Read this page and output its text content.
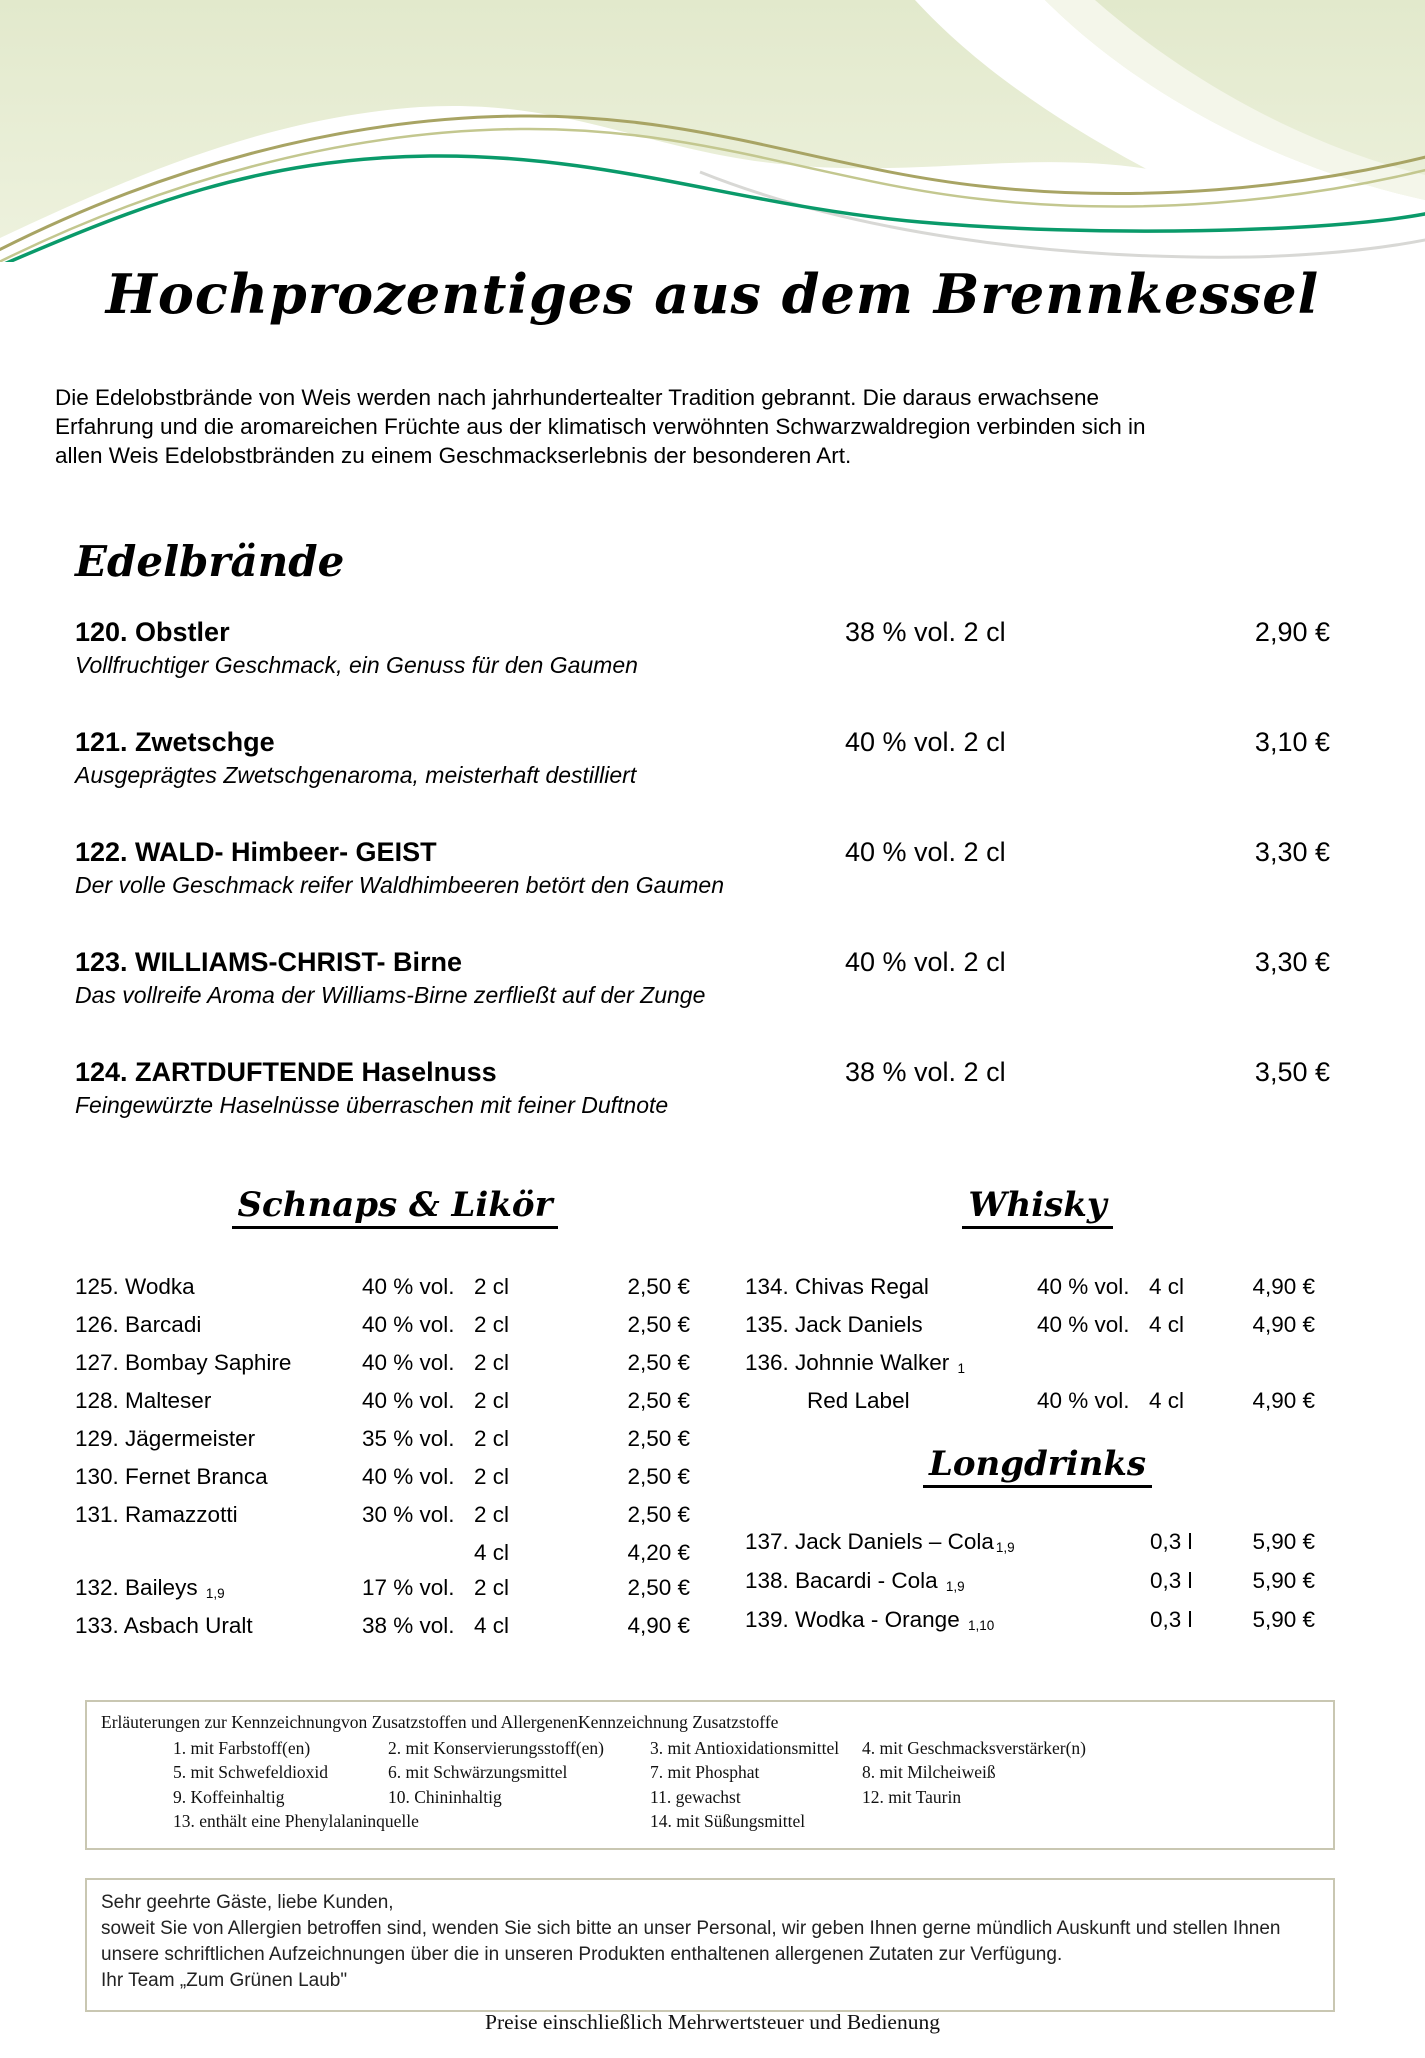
Hochprozentiges aus dem Brennkessel
Die Edelobstbrände von Weis werden nach jahrhundertealter Tradition gebrannt. Die daraus erwachsene
Erfahrung und die aromareichen Früchte aus der klimatisch verwöhnten Schwarzwaldregion verbinden sich in
allen Weis Edelobstbränden zu einem Geschmackserlebnis der besonderen Art.
Edelbrände
120. Obstler	38 % vol. 2 cl	2,90 €
Vollfruchtiger Geschmack, ein Genuss für den Gaumen
121. Zwetschge	40 % vol. 2 cl	3,10 €
Ausgeprägtes Zwetschgenaroma, meisterhaft destilliert
122. WALD- Himbeer- GEIST	40 % vol. 2 cl	3,30 €
Der volle Geschmack reifer Waldhimbeeren betört den Gaumen
123. WILLIAMS-CHRIST- Birne	40 % vol. 2 cl	3,30 €
Das vollreife Aroma der Williams-Birne zerfließt auf der Zunge
124. ZARTDUFTENDE Haselnuss	38 % vol. 2 cl	3,50 €
Feingewürzte Haselnüsse überraschen mit feiner Duftnote
Schnaps & Likör
125. Wodka	40 % vol. 2 cl	2,50 €
126. Barcadi	40 % vol. 2 cl	2,50 €
127. Bombay Saphire	40 % vol. 2 cl	2,50 €
128. Malteser	40 % vol. 2 cl	2,50 €
129. Jägermeister	35 % vol. 2 cl	2,50 €
130. Fernet Branca	40 % vol. 2 cl	2,50 €
131. Ramazzotti	30 % vol. 2 cl	2,50 €
4 cl	4,20 €
132. Baileys 1,9	17 % vol. 2 cl	2,50 €
133. Asbach Uralt	38 % vol. 4 cl	4,90 €
Whisky
134. Chivas Regal	40 % vol. 4 cl	4,90 €
135. Jack Daniels	40 % vol. 4 cl	4,90 €
136. Johnnie Walker 1
Red Label	40 % vol. 4 cl	4,90 €
Longdrinks
137. Jack Daniels – Cola 1,9	0,3 l	5,90 €
138. Bacardi - Cola 1,9	0,3 l	5,90 €
139. Wodka - Orange 1,10	0,3 l	5,90 €
Erläuterungen zur Kennzeichnungvon Zusatzstoffen und AllergenenKennzeichnung Zusatzstoffe
1. mit Farbstoff(en)	2. mit Konservierungsstoff(en)	3. mit Antioxidationsmittel	4. mit Geschmacksverstärker(n)
5. mit Schwefeldioxid	6. mit Schwärzungsmittel	7. mit Phosphat	8. mit Milcheiweiß
9. Koffeinhaltig	10. Chininhaltig	11. gewachst	12. mit Taurin
13. enthält eine Phenylalaninquelle	14. mit Süßungsmittel
Sehr geehrte Gäste, liebe Kunden,
soweit Sie von Allergien betroffen sind, wenden Sie sich bitte an unser Personal, wir geben Ihnen gerne mündlich Auskunft und stellen Ihnen
unsere schriftlichen Aufzeichnungen über die in unseren Produkten enthaltenen allergenen Zutaten zur Verfügung.
Ihr Team „Zum Grünen Laub"
Preise einschließlich Mehrwertsteuer und Bedienung
